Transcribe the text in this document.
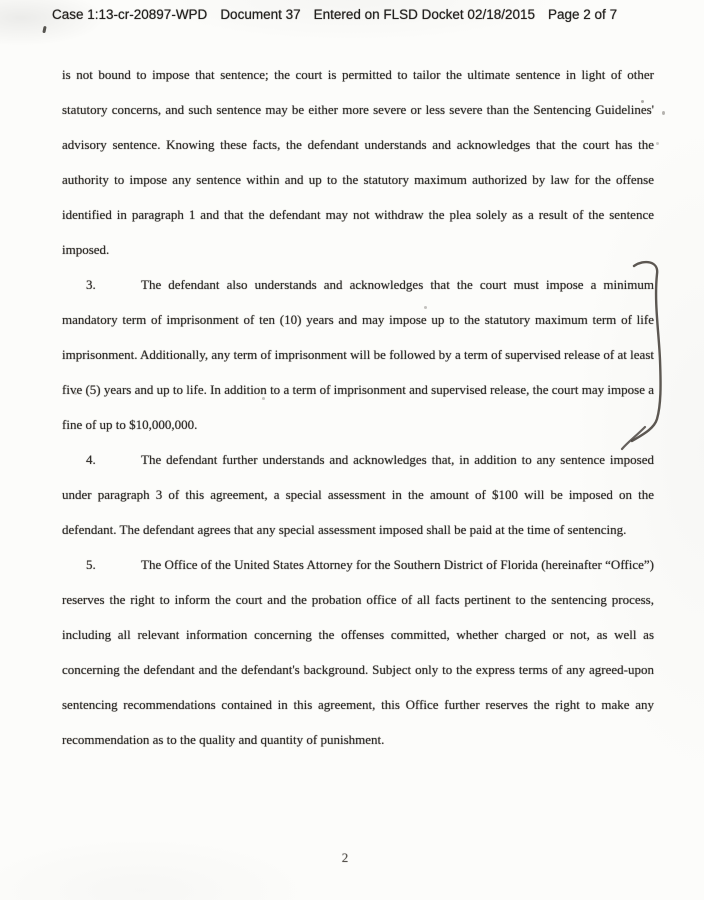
Case 1:13-cr-20897-WPD Document 37 Entered on FLSD Docket 02/18/2015 Page 2 of 7

is not bound to impose that sentence; the court is permitted to tailor the ultimate sentence in light of other statutory concerns, and such sentence may be either more severe or less severe than the Sentencing Guidelines' advisory sentence. Knowing these facts, the defendant understands and acknowledges that the court has the authority to impose any sentence within and up to the statutory maximum authorized by law for the offense identified in paragraph 1 and that the defendant may not withdraw the plea solely as a result of the sentence imposed.

3.	The defendant also understands and acknowledges that the court must impose a minimum mandatory term of imprisonment of ten (10) years and may impose up to the statutory maximum term of life imprisonment. Additionally, any term of imprisonment will be followed by a term of supervised release of at least five (5) years and up to life. In addition to a term of imprisonment and supervised release, the court may impose a fine of up to $10,000,000.

4.	The defendant further understands and acknowledges that, in addition to any sentence imposed under paragraph 3 of this agreement, a special assessment in the amount of $100 will be imposed on the defendant. The defendant agrees that any special assessment imposed shall be paid at the time of sentencing.

5.	The Office of the United States Attorney for the Southern District of Florida (hereinafter “Office”) reserves the right to inform the court and the probation office of all facts pertinent to the sentencing process, including all relevant information concerning the offenses committed, whether charged or not, as well as concerning the defendant and the defendant's background. Subject only to the express terms of any agreed-upon sentencing recommendations contained in this agreement, this Office further reserves the right to make any recommendation as to the quality and quantity of punishment.

2
